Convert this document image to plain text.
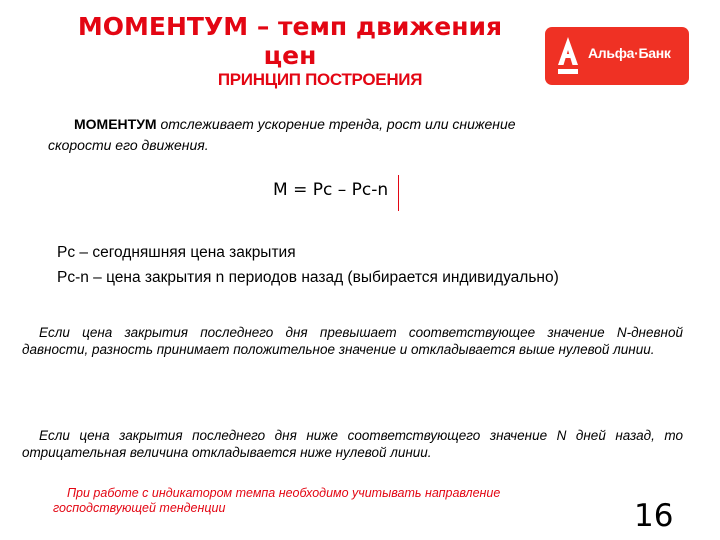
МОМЕНТУМ – темп движения цен
ПРИНЦИП ПОСТРОЕНИЯ
Альфа·Банк
МОМЕНТУМ отслеживает ускорение тренда, рост или снижение
скорости его движения.
M = Pc – Pc-n
Pc – сегодняшняя цена закрытия
Pc-n – цена закрытия n периодов назад (выбирается индивидуально)
Если цена закрытия последнего дня превышает соответствующее значение N-дневной давности, разность принимает положительное значение и откладывается выше нулевой линии.
Если цена закрытия последнего дня ниже соответствующего значение N дней назад, то отрицательная величина откладывается ниже нулевой линии.
При работе с индикатором темпа необходимо учитывать направление господствующей тенденции	16
